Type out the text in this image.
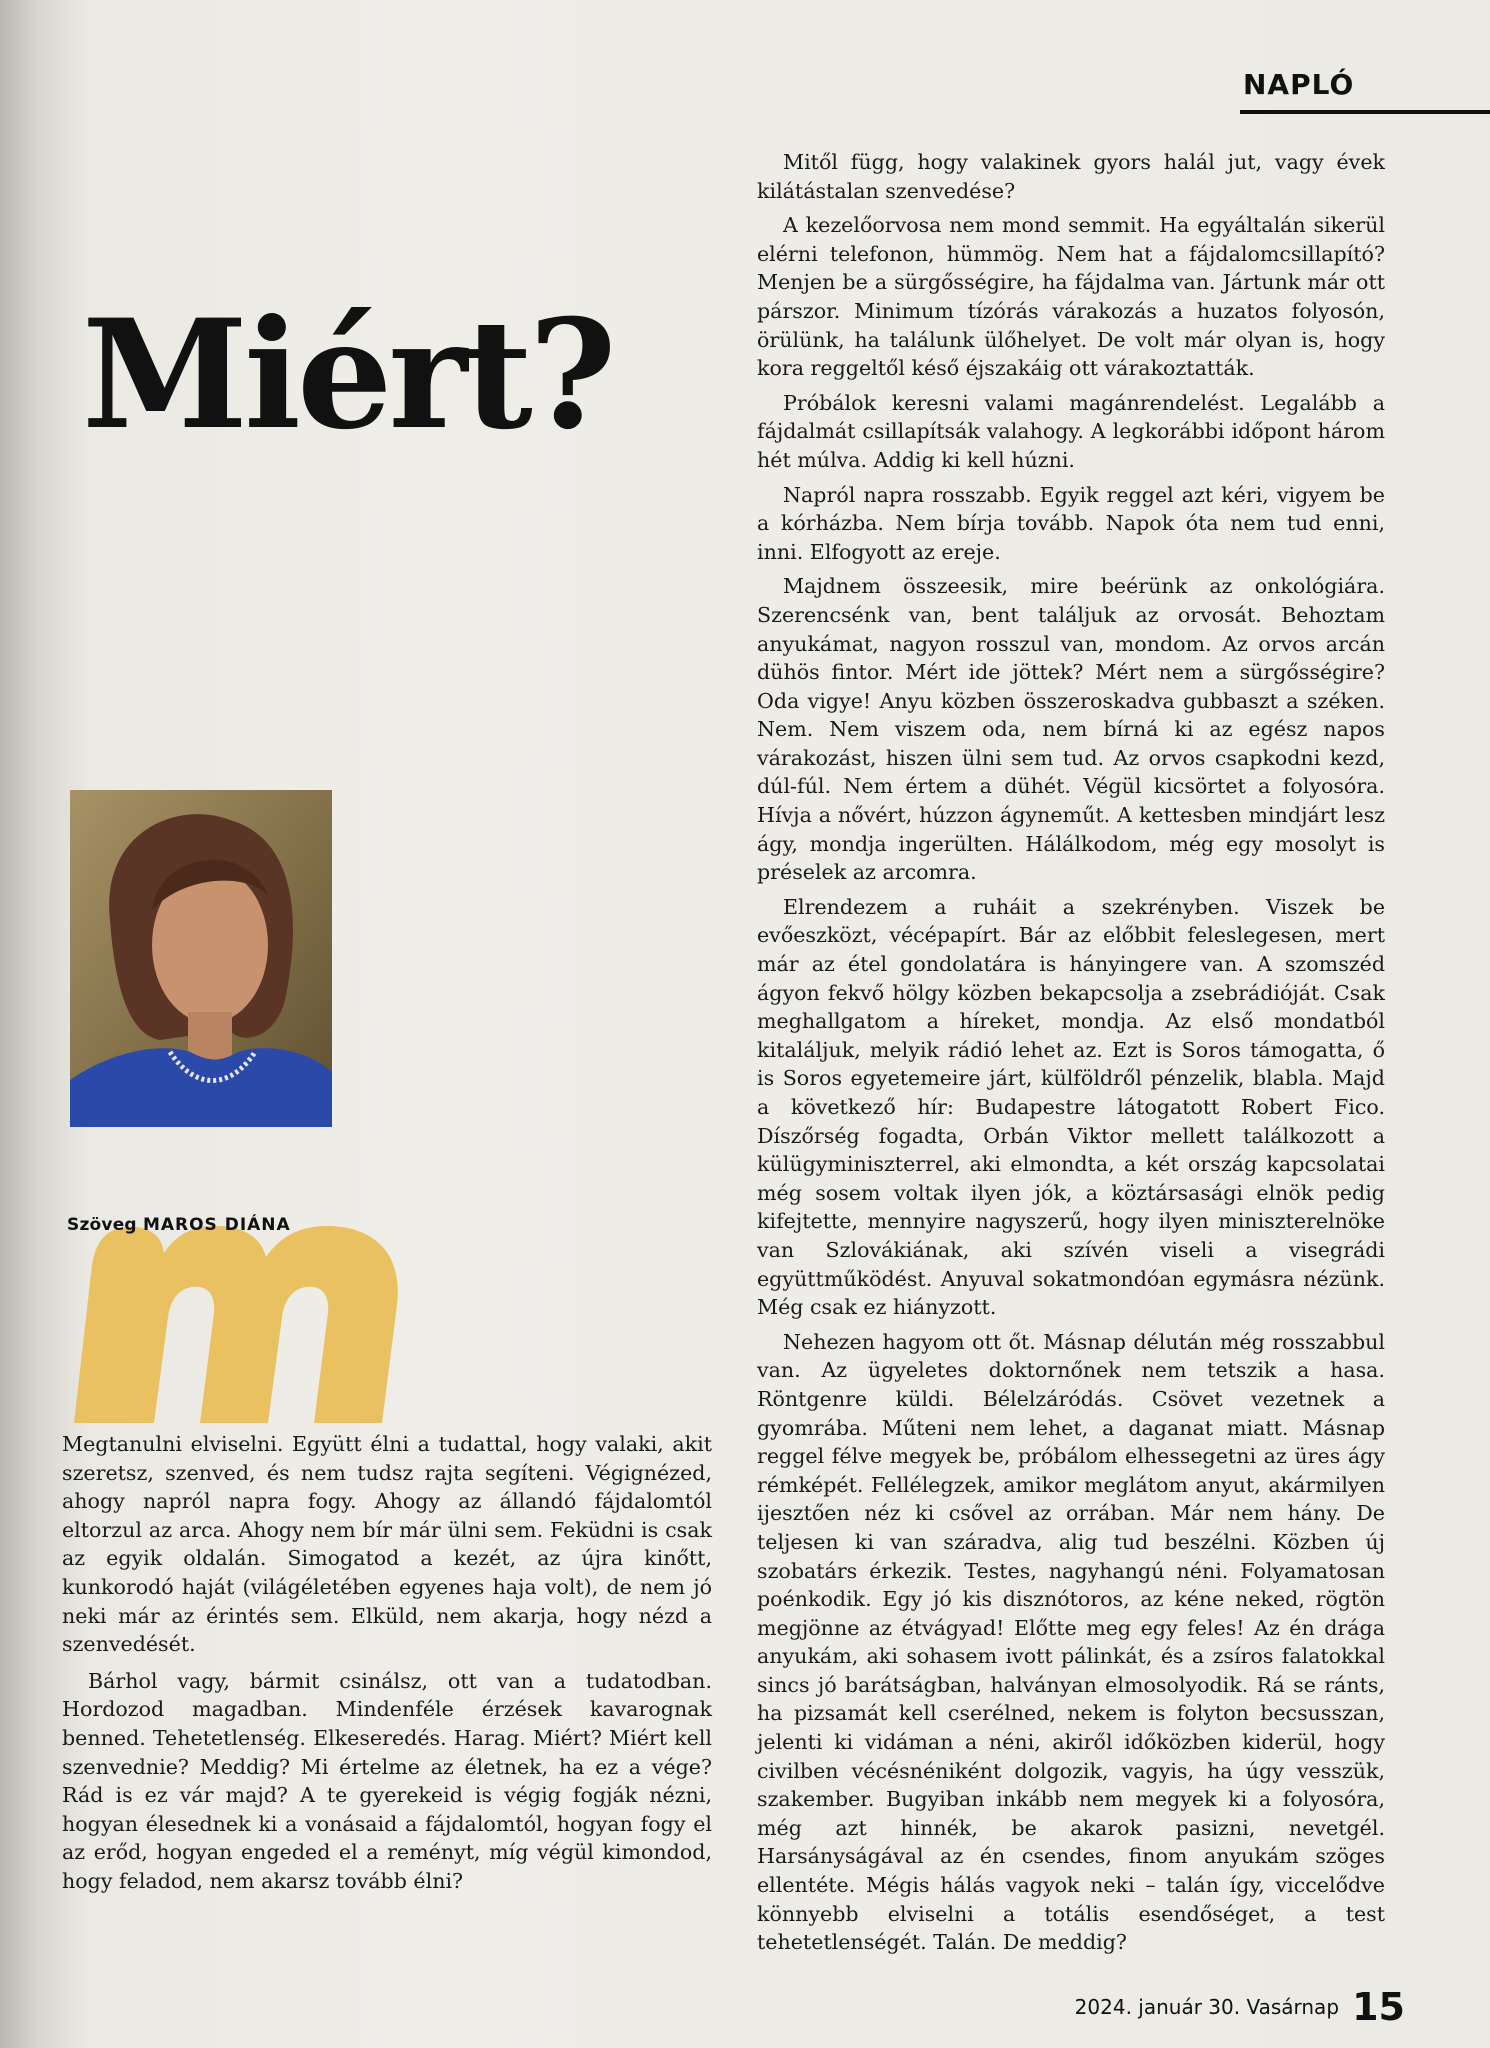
NAPLÓ
Miért?
Szöveg MAROS DIÁNA

Megtanulni elviselni. Együtt élni a tudattal, hogy valaki, akit szeretsz, szenved, és nem tudsz rajta segíteni. Végignézed, ahogy napról napra fogy. Ahogy az állandó fájdalomtól eltorzul az arca. Ahogy nem bír már ülni sem. Feküdni is csak az egyik oldalán. Simogatod a kezét, az újra kinőtt, kunkorodó haját (világéletében egyenes haja volt), de nem jó neki már az érintés sem. Elküld, nem akarja, hogy nézd a szenvedését.

Bárhol vagy, bármit csinálsz, ott van a tudatodban. Hordozod magadban. Mindenféle érzések kavarognak benned. Tehetetlenség. Elkeseredés. Harag. Miért? Miért kell szenvednie? Meddig? Mi értelme az életnek, ha ez a vége? Rád is ez vár majd? A te gyerekeid is végig fogják nézni, hogyan élesednek ki a vonásaid a fájdalomtól, hogyan fogy el az erőd, hogyan engeded el a reményt, míg végül kimondod, hogy feladod, nem akarsz tovább élni?

Mitől függ, hogy valakinek gyors halál jut, vagy évek kilátástalan szenvedése?

A kezelőorvosa nem mond semmit. Ha egyáltalán sikerül elérni telefonon, hümmög. Nem hat a fájdalomcsillapító? Menjen be a sürgősségire, ha fájdalma van. Jártunk már ott párszor. Minimum tízórás várakozás a huzatos folyosón, örülünk, ha találunk ülőhelyet. De volt már olyan is, hogy kora reggeltől késő éjszakáig ott várakoztatták.

Próbálok keresni valami magánrendelést. Legalább a fájdalmát csillapítsák valahogy. A legkorábbi időpont három hét múlva. Addig ki kell húzni.

Napról napra rosszabb. Egyik reggel azt kéri, vigyem be a kórházba. Nem bírja tovább. Napok óta nem tud enni, inni. Elfogyott az ereje.

Majdnem összeesik, mire beérünk az onkológiára. Szerencsénk van, bent találjuk az orvosát. Behoztam anyukámat, nagyon rosszul van, mondom. Az orvos arcán dühös fintor. Mért ide jöttek? Mért nem a sürgősségire? Oda vigye! Anyu közben összeroskadva gubbaszt a széken. Nem. Nem viszem oda, nem bírná ki az egész napos várakozást, hiszen ülni sem tud. Az orvos csapkodni kezd, dúl-fúl. Nem értem a dühét. Végül kicsörtet a folyosóra. Hívja a nővért, húzzon ágyneműt. A kettesben mindjárt lesz ágy, mondja ingerülten. Hálálkodom, még egy mosolyt is préselek az arcomra.

Elrendezem a ruháit a szekrényben. Viszek be evőeszközt, vécépapírt. Bár az előbbit feleslegesen, mert már az étel gondolatára is hányingere van. A szomszéd ágyon fekvő hölgy közben bekapcsolja a zsebrádióját. Csak meghallgatom a híreket, mondja. Az első mondatból kitaláljuk, melyik rádió lehet az. Ezt is Soros támogatta, ő is Soros egyetemeire járt, külföldről pénzelik, blabla. Majd a következő hír: Budapestre látogatott Robert Fico. Díszőrség fogadta, Orbán Viktor mellett találkozott a külügyminiszterrel, aki elmondta, a két ország kapcsolatai még sosem voltak ilyen jók, a köztársasági elnök pedig kifejtette, mennyire nagyszerű, hogy ilyen miniszterelnöke van Szlovákiának, aki szívén viseli a visegrádi együttműködést. Anyuval sokatmondóan egymásra nézünk. Még csak ez hiányzott.

Nehezen hagyom ott őt. Másnap délután még rosszabbul van. Az ügyeletes doktornőnek nem tetszik a hasa. Röntgenre küldi. Bélelzáródás. Csövet vezetnek a gyomrába. Műteni nem lehet, a daganat miatt. Másnap reggel félve megyek be, próbálom elhessegetni az üres ágy rémképét. Fellélegzek, amikor meglátom anyut, akármilyen ijesztően néz ki csővel az orrában. Már nem hány. De teljesen ki van száradva, alig tud beszélni. Közben új szobatárs érkezik. Testes, nagyhangú néni. Folyamatosan poénkodik. Egy jó kis disznótoros, az kéne neked, rögtön megjönne az étvágyad! Előtte meg egy feles! Az én drága anyukám, aki sohasem ivott pálinkát, és a zsíros falatokkal sincs jó barátságban, halványan elmosolyodik. Rá se ránts, ha pizsamát kell cserélned, nekem is folyton becsusszan, jelenti ki vidáman a néni, akiről időközben kiderül, hogy civilben vécésnéniként dolgozik, vagyis, ha úgy vesszük, szakember. Bugyiban inkább nem megyek ki a folyosóra, még azt hinnék, be akarok pasizni, nevetgél. Harsányságával az én csendes, finom anyukám szöges ellentéte. Mégis hálás vagyok neki – talán így, viccelődve könnyebb elviselni a totális esendőséget, a test tehetetlenségét. Talán. De meddig?

2024. január 30. Vasárnap 15
